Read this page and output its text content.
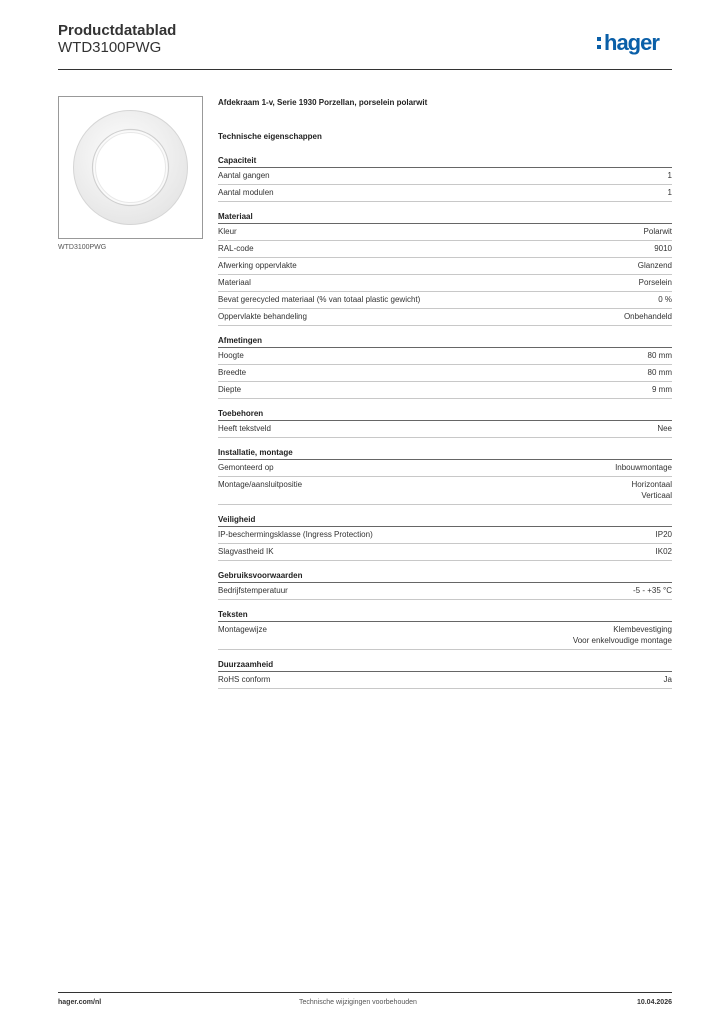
Productdatablad
WTD3100PWG	hager
WTD3100PWG
Afdekraam 1-v, Serie 1930 Porzellan, porselein polarwit
Technische eigenschappen
Capaciteit
Aantal gangen	1
Aantal modulen	1
Materiaal
Kleur	Polarwit
RAL-code	9010
Afwerking oppervlakte	Glanzend
Materiaal	Porselein
Bevat gerecycled materiaal (% van totaal plastic gewicht)	0 %
Oppervlakte behandeling	Onbehandeld
Afmetingen
Hoogte	80 mm
Breedte	80 mm
Diepte	9 mm
Toebehoren
Heeft tekstveld	Nee
Installatie, montage
Gemonteerd op	Inbouwmontage
Montage/aansluitpositie	Horizontaal
Verticaal
Veiligheid
IP-beschermingsklasse (Ingress Protection)	IP20
Slagvastheid IK	IK02
Gebruiksvoorwaarden
Bedrijfstemperatuur	-5 - +35 °C
Teksten
Montagewijze	Klembevestiging
Voor enkelvoudige montage
Duurzaamheid
RoHS conform	Ja
hager.com/nl	Technische wijzigingen voorbehouden	10.04.2026
